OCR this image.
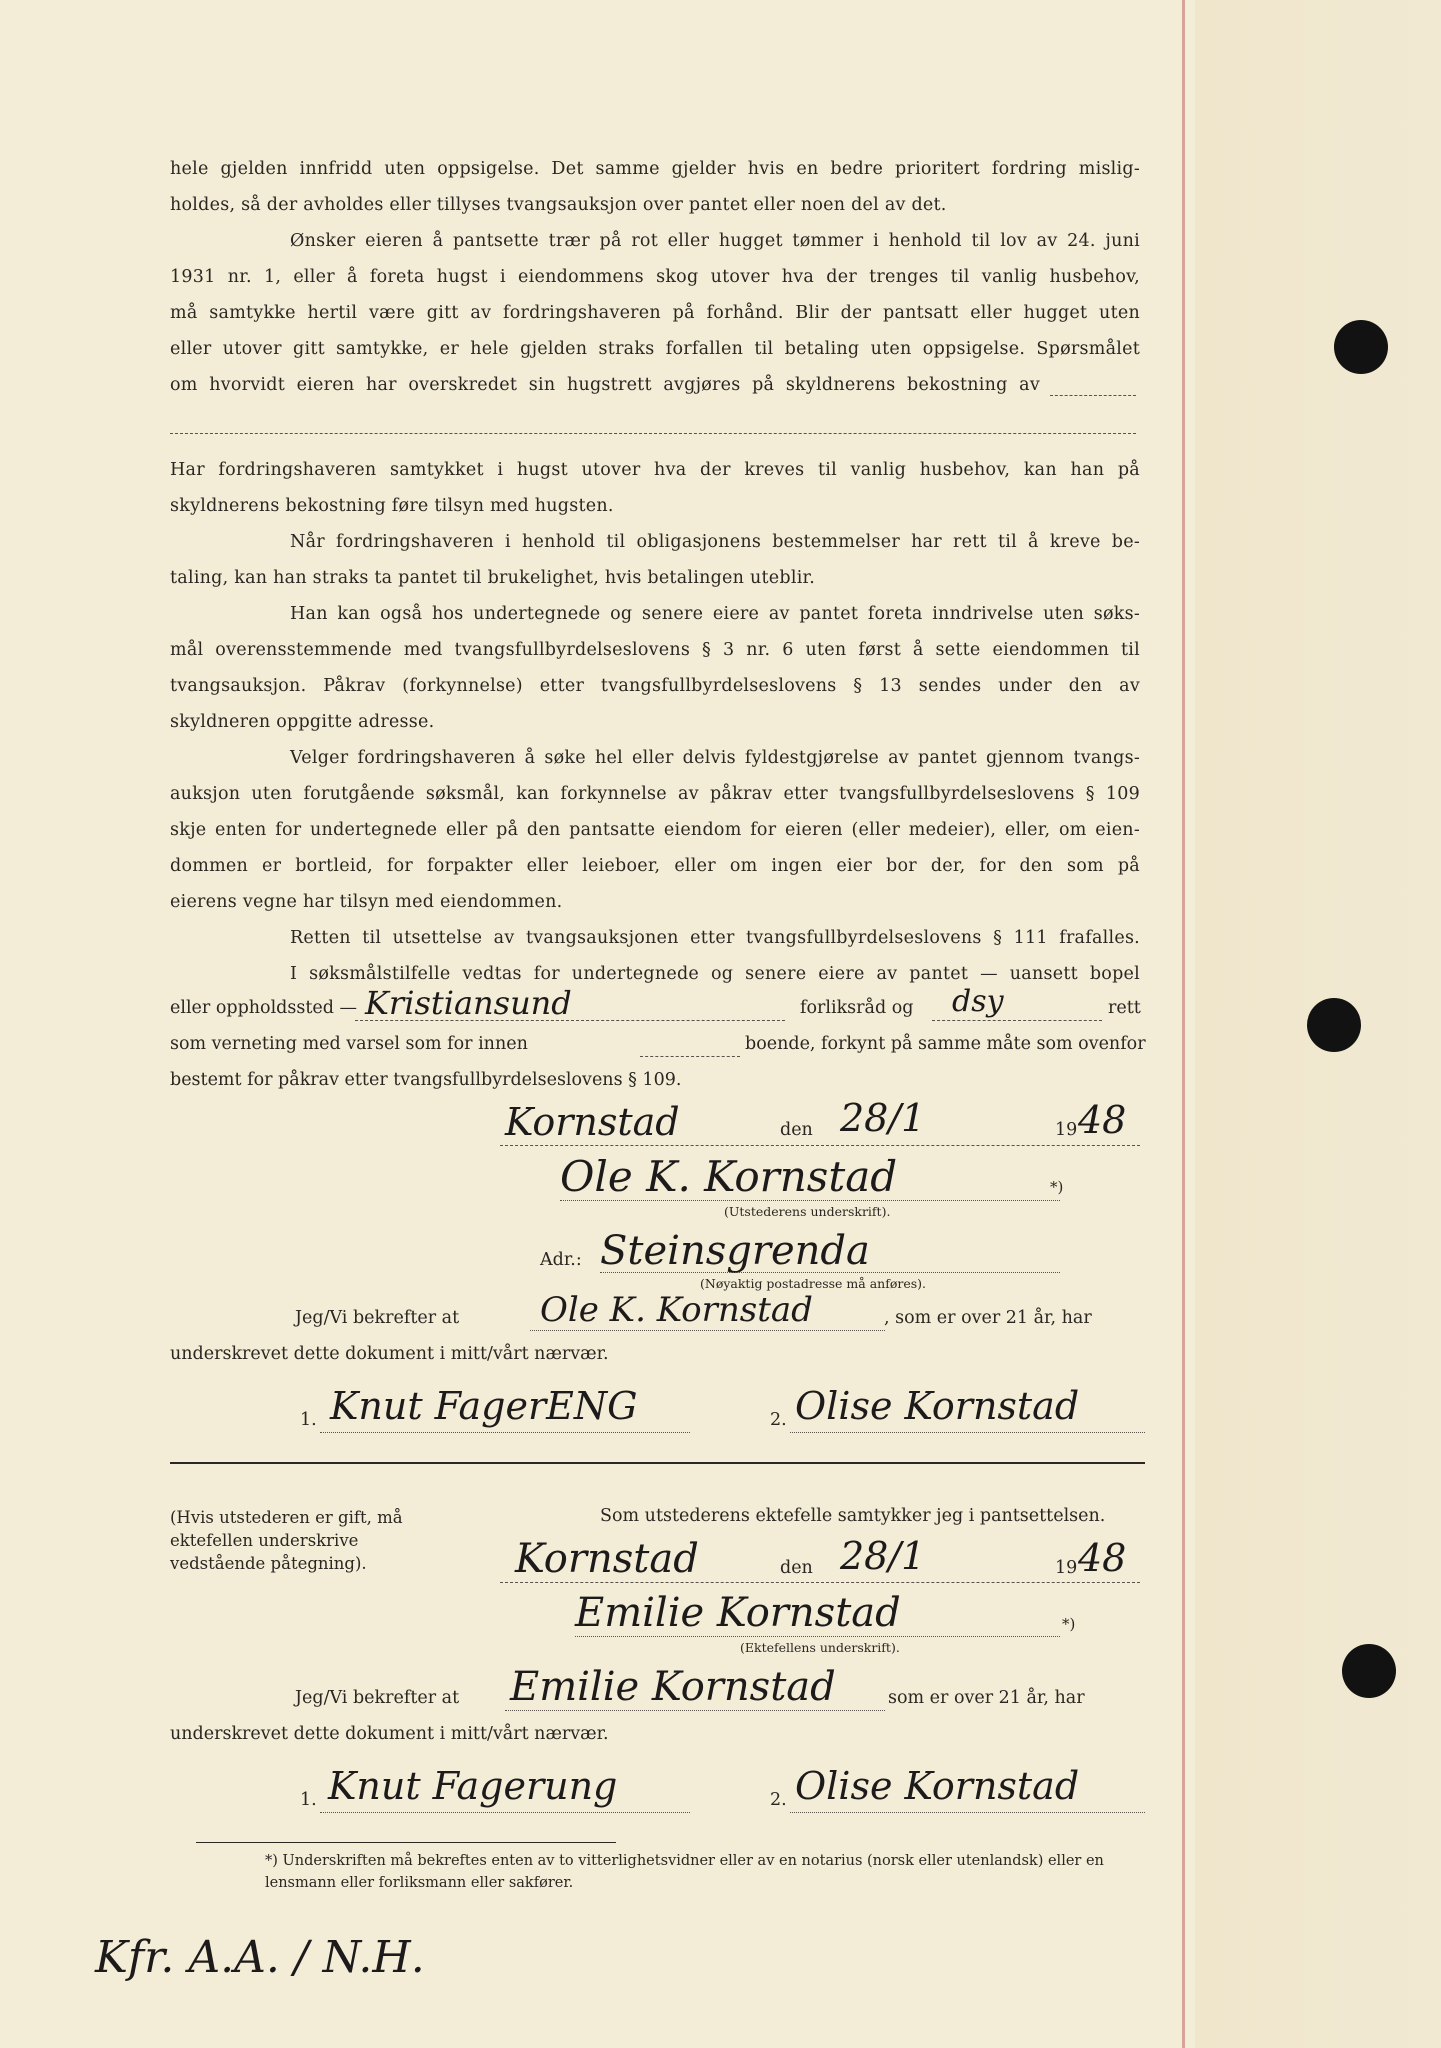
hele gjelden innfridd uten oppsigelse. Det samme gjelder hvis en bedre prioritert fordring mislig-
holdes, så der avholdes eller tillyses tvangsauksjon over pantet eller noen del av det.
Ønsker eieren å pantsette trær på rot eller hugget tømmer i henhold til lov av 24. juni
1931 nr. 1, eller å foreta hugst i eiendommens skog utover hva der trenges til vanlig husbehov,
må samtykke hertil være gitt av fordringshaveren på forhånd. Blir der pantsatt eller hugget uten
eller utover gitt samtykke, er hele gjelden straks forfallen til betaling uten oppsigelse. Spørsmålet
om hvorvidt eieren har overskredet sin hugstrett avgjøres på skyldnerens bekostning av
Har fordringshaveren samtykket i hugst utover hva der kreves til vanlig husbehov, kan han på
skyldnerens bekostning føre tilsyn med hugsten.
Når fordringshaveren i henhold til obligasjonens bestemmelser har rett til å kreve be-
taling, kan han straks ta pantet til brukelighet, hvis betalingen uteblir.
Han kan også hos undertegnede og senere eiere av pantet foreta inndrivelse uten søks-
mål overensstemmende med tvangsfullbyrdelseslovens § 3 nr. 6 uten først å sette eiendommen til
tvangsauksjon. Påkrav (forkynnelse) etter tvangsfullbyrdelseslovens § 13 sendes under den av
skyldneren oppgitte adresse.
Velger fordringshaveren å søke hel eller delvis fyldestgjørelse av pantet gjennom tvangs-
auksjon uten forutgående søksmål, kan forkynnelse av påkrav etter tvangsfullbyrdelseslovens § 109
skje enten for undertegnede eller på den pantsatte eiendom for eieren (eller medeier), eller, om eien-
dommen er bortleid, for forpakter eller leieboer, eller om ingen eier bor der, for den som på
eierens vegne har tilsyn med eiendommen.
Retten til utsettelse av tvangsauksjonen etter tvangsfullbyrdelseslovens § 111 frafalles.
I søksmålstilfelle vedtas for undertegnede og senere eiere av pantet — uansett bopel
eller oppholdssted — Kristiansund	forliksråd og dsy	rett
som verneting med varsel som for innen	boende, forkynt på samme måte som ovenfor
bestemt for påkrav etter tvangsfullbyrdelseslovens § 109.
Kornstad	den 28/1	19 48
Ole K. Kornstad	*)
(Utstederens underskrift).
Adr.: Steinsgrenda
(Nøyaktig postadresse må anføres).
Jeg/Vi bekrefter at Ole K. Kornstad	, som er over 21 år, har
underskrevet dette dokument i mitt/vårt nærvær.
1. Knut FagerENG	2. Olise Kornstad
(Hvis utstederen er gift, må ektefellen underskrive vedstående påtegning).
Som utstederens ektefelle samtykker jeg i pantsettelsen.
Kornstad	den 28/1	19 48
Emilie Kornstad	*)
(Ektefellens underskrift).
Jeg/Vi bekrefter at Emilie Kornstad	som er over 21 år, har
underskrevet dette dokument i mitt/vårt nærvær.
1. Knut Fagerung	2. Olise Kornstad
*) Underskriften må bekreftes enten av to vitterlighetsvidner eller av en notarius (norsk eller utenlandsk) eller en lensmann eller forliksmann eller sakfører.
Kfr. A.A. / N.H.
